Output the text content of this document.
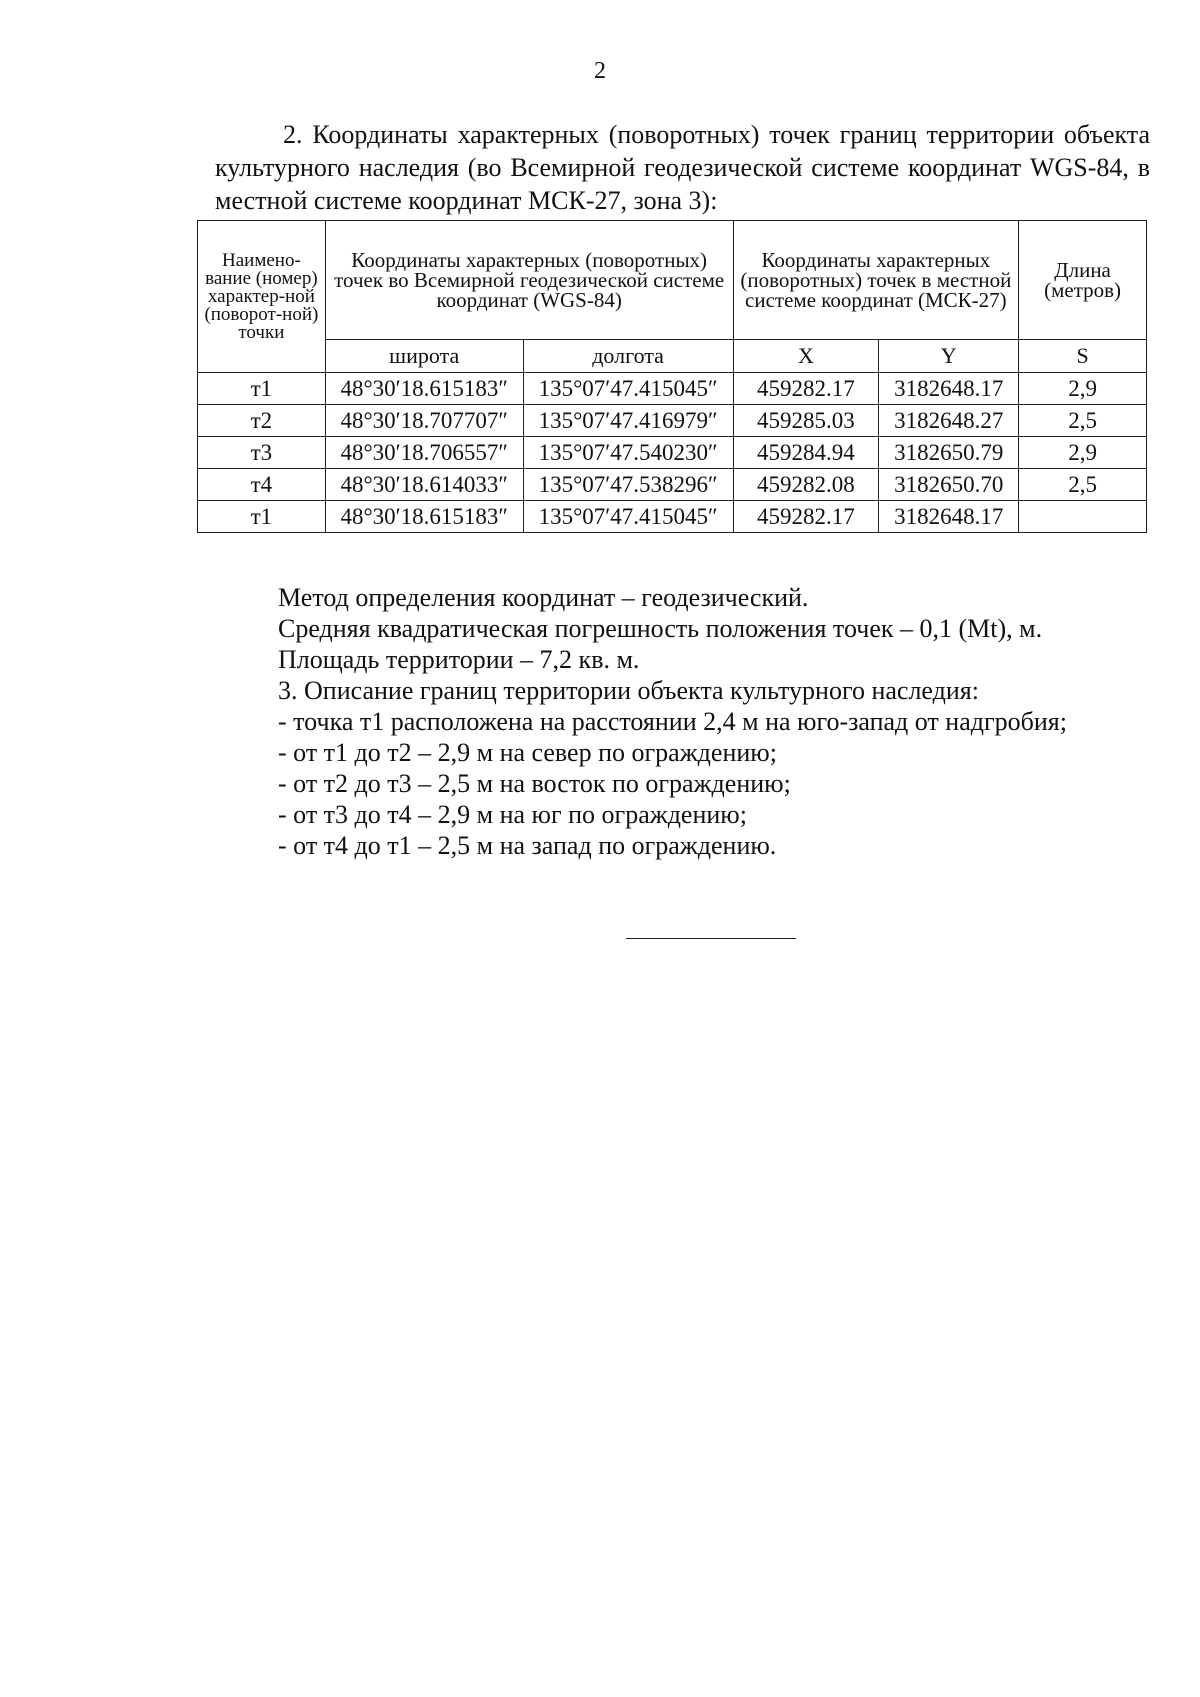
2

2. Координаты характерных (поворотных) точек границ территории объекта культурного наследия (во Всемирной геодезической системе координат WGS-84, в местной системе координат МСК-27, зона 3):

Наимено-вание (номер) характер-ной (поворот-ной) точки	Координаты характерных (поворотных) точек во Всемирной геодезической системе координат (WGS-84)		Координаты характерных (поворотных) точек в местной системе координат (МСК-27)		Длина (метров)
	широта	долгота	X	Y	S
т1	48°30′18.615183″	135°07′47.415045″	459282.17	3182648.17	2,9
т2	48°30′18.707707″	135°07′47.416979″	459285.03	3182648.27	2,5
т3	48°30′18.706557″	135°07′47.540230″	459284.94	3182650.79	2,9
т4	48°30′18.614033″	135°07′47.538296″	459282.08	3182650.70	2,5
т1	48°30′18.615183″	135°07′47.415045″	459282.17	3182648.17	
Метод определения координат – геодезический.
Средняя квадратическая погрешность положения точек – 0,1 (Mt), м.
Площадь территории – 7,2 кв. м.
3. Описание границ территории объекта культурного наследия:
- точка т1 расположена на расстоянии 2,4 м на юго-запад от надгробия;
- от т1 до т2 – 2,9 м на север по ограждению;
- от т2 до т3 – 2,5 м на восток по ограждению;
- от т3 до т4 – 2,9 м на юг по ограждению;
- от т4 до т1 – 2,5 м на запад по ограждению.
